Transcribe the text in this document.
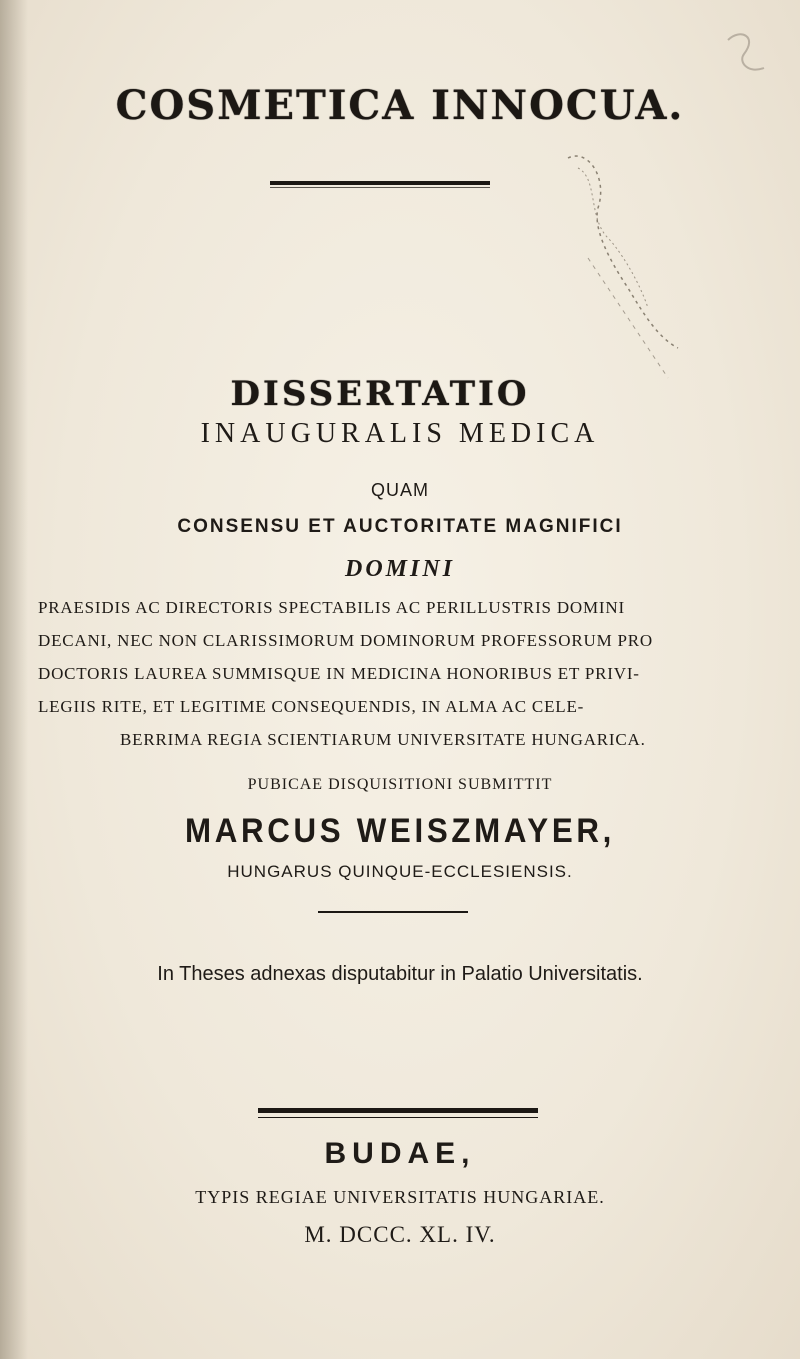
COSMETICA INNOCUA.
DISSERTATIO
INAUGURALIS MEDICA
QUAM
CONSENSU ET AUCTORITATE MAGNIFICI
DOMINI
PRAESIDIS AC DIRECTORIS SPECTABILIS AC PERILLUSTRIS DOMINI
DECANI, NEC NON CLARISSIMORUM DOMINORUM PROFESSORUM PRO
DOCTORIS LAUREA SUMMISQUE IN MEDICINA HONORIBUS ET PRIVI-
LEGIIS RITE, ET LEGITIME CONSEQUENDIS, IN ALMA AC CELE-
BERRIMA REGIA SCIENTIARUM UNIVERSITATE HUNGARICA.
PUBICAE DISQUISITIONI SUBMITTIT
MARCUS WEISZMAYER,
HUNGARUS QUINQUE-ECCLESIENSIS.
In Theses adnexas disputabitur in Palatio Universitatis.
BUDAE,
TYPIS REGIAE UNIVERSITATIS HUNGARIAE.
M. DCCC. XL. IV.
